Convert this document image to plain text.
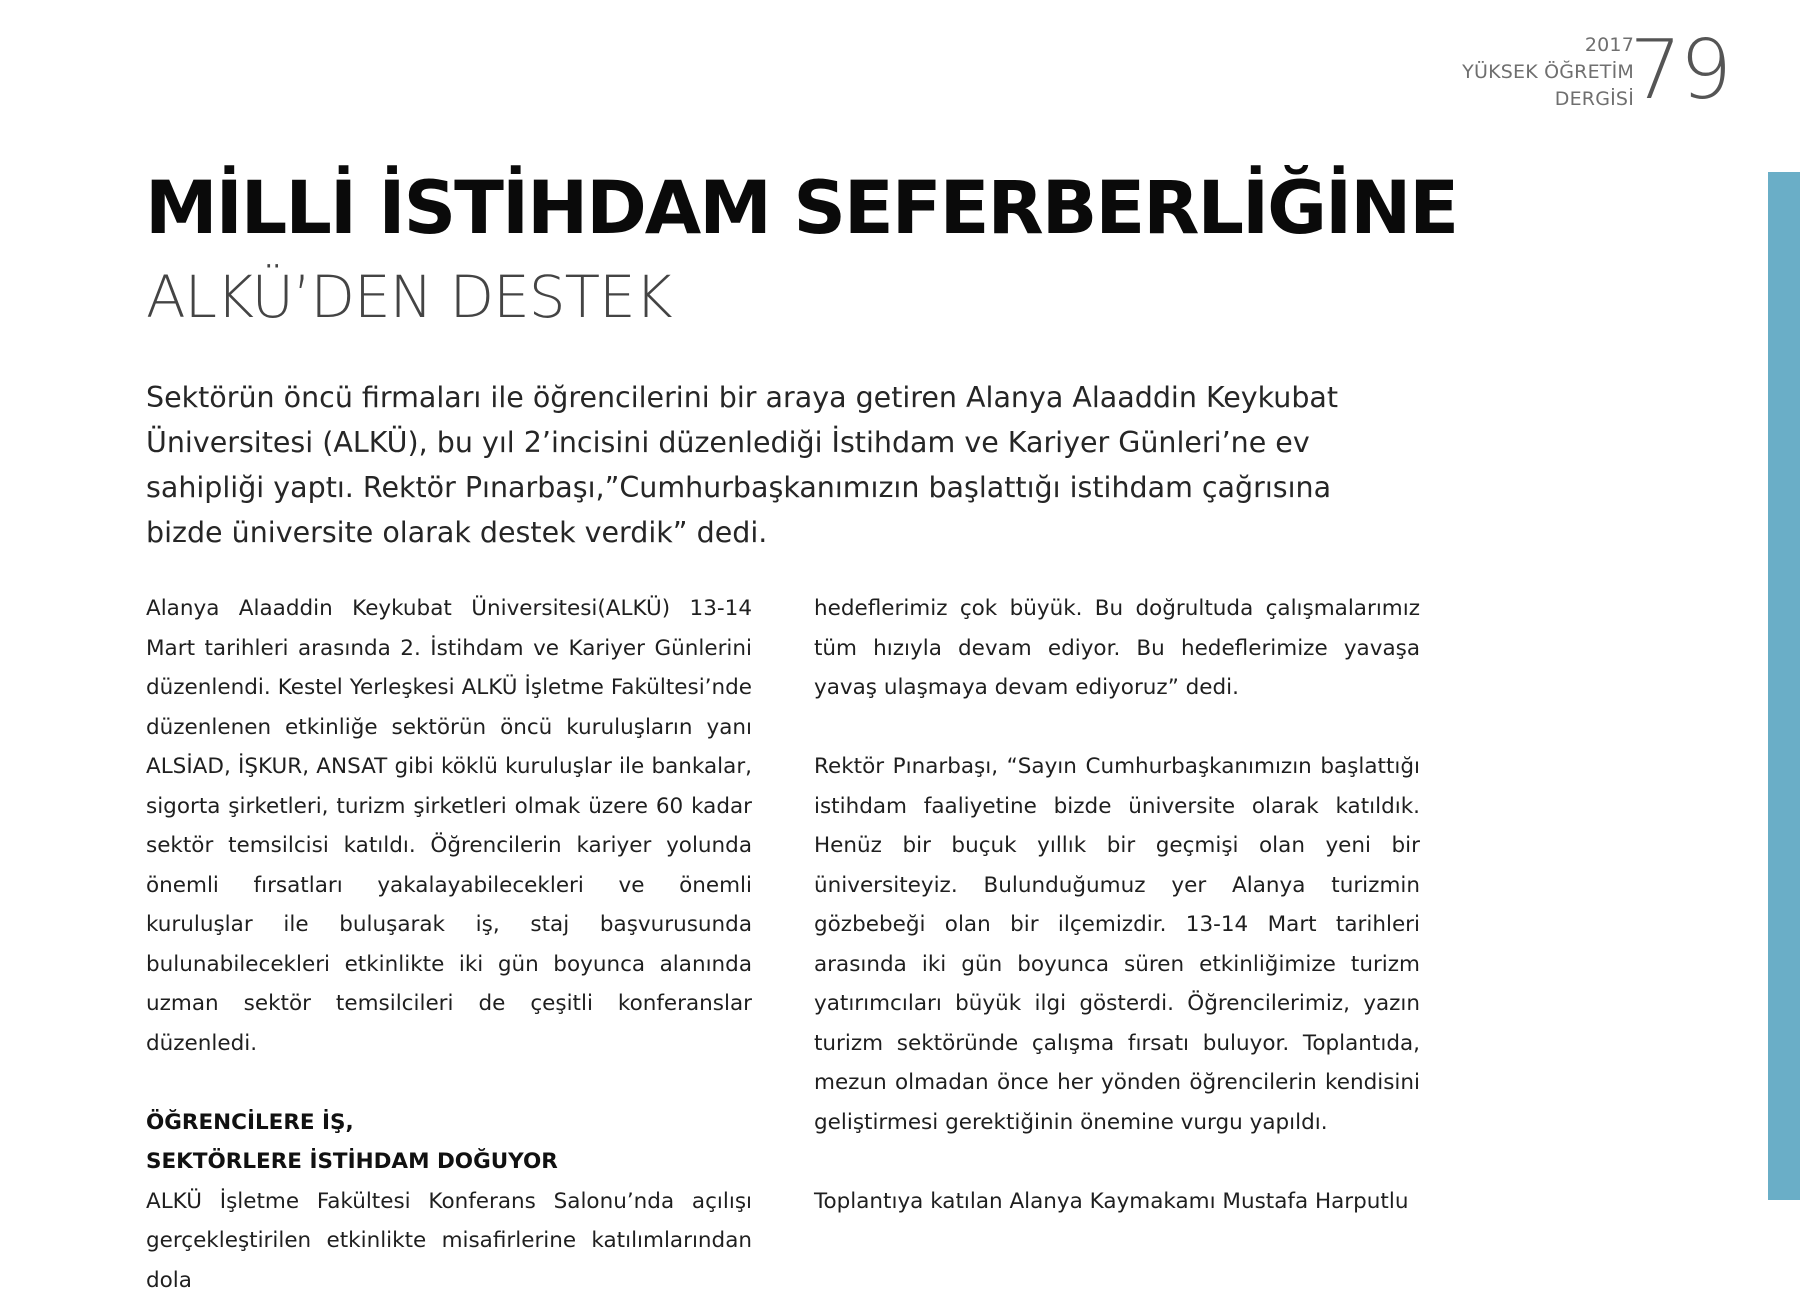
2017
YÜKSEK ÖĞRETİM
DERGİSİ
79
MİLLİ İSTİHDAM SEFERBERLİĞİNE
ALKÜ’DEN DESTEK

Sektörün öncü firmaları ile öğrencilerini bir araya getiren Alanya Alaaddin Keykubat Üniversitesi (ALKÜ), bu yıl 2’incisini düzenlediği İstihdam ve Kariyer Günleri’ne ev sahipliği yaptı. Rektör Pınarbaşı,”Cumhurbaşkanımızın başlattığı istihdam çağrısına bizde üniversite olarak destek verdik” dedi.

Alanya Alaaddin Keykubat Üniversitesi(ALKÜ) 13-14 Mart tarihleri arasında 2. İstihdam ve Kariyer Günlerini düzenlendi. Kestel Yerleşkesi ALKÜ İşletme Fakültesi’nde düzenlenen etkinliğe sektörün öncü kuruluşların yanı ALSİAD, İŞKUR, ANSAT gibi köklü kuruluşlar ile bankalar, sigorta şirketleri, turizm şirketleri olmak üzere 60 kadar sektör temsilcisi katıldı. Öğrencilerin kariyer yolunda önemli fırsatları yakalayabilecekleri ve önemli kuruluşlar ile buluşarak iş, staj başvurusunda bulunabilecekleri etkinlikte iki gün boyunca alanında uzman sektör temsilcileri de çeşitli konferanslar düzenledi.

ÖĞRENCİLERE İŞ,
SEKTÖRLERE İSTİHDAM DOĞUYOR

ALKÜ İşletme Fakültesi Konferans Salonu’nda açılışı gerçekleştirilen etkinlikte misafirlerine katılımlarından dola

hedeflerimiz çok büyük. Bu doğrultuda çalışmalarımız tüm hızıyla devam ediyor. Bu hedeflerimize yavaşa yavaş ulaşmaya devam ediyoruz” dedi.

Rektör Pınarbaşı, “Sayın Cumhurbaşkanımızın başlattığı istihdam faaliyetine bizde üniversite olarak katıldık. Henüz bir buçuk yıllık bir geçmişi olan yeni bir üniversiteyiz. Bulunduğumuz yer Alanya turizmin gözbebeği olan bir ilçemizdir. 13-14 Mart tarihleri arasında iki gün boyunca süren etkinliğimize turizm yatırımcıları büyük ilgi gösterdi. Öğrencilerimiz, yazın turizm sektöründe çalışma fırsatı buluyor. Toplantıda, mezun olmadan önce her yönden öğrencilerin kendisini geliştirmesi gerektiğinin önemine vurgu yapıldı.

Toplantıya katılan Alanya Kaymakamı Mustafa Harputlu
